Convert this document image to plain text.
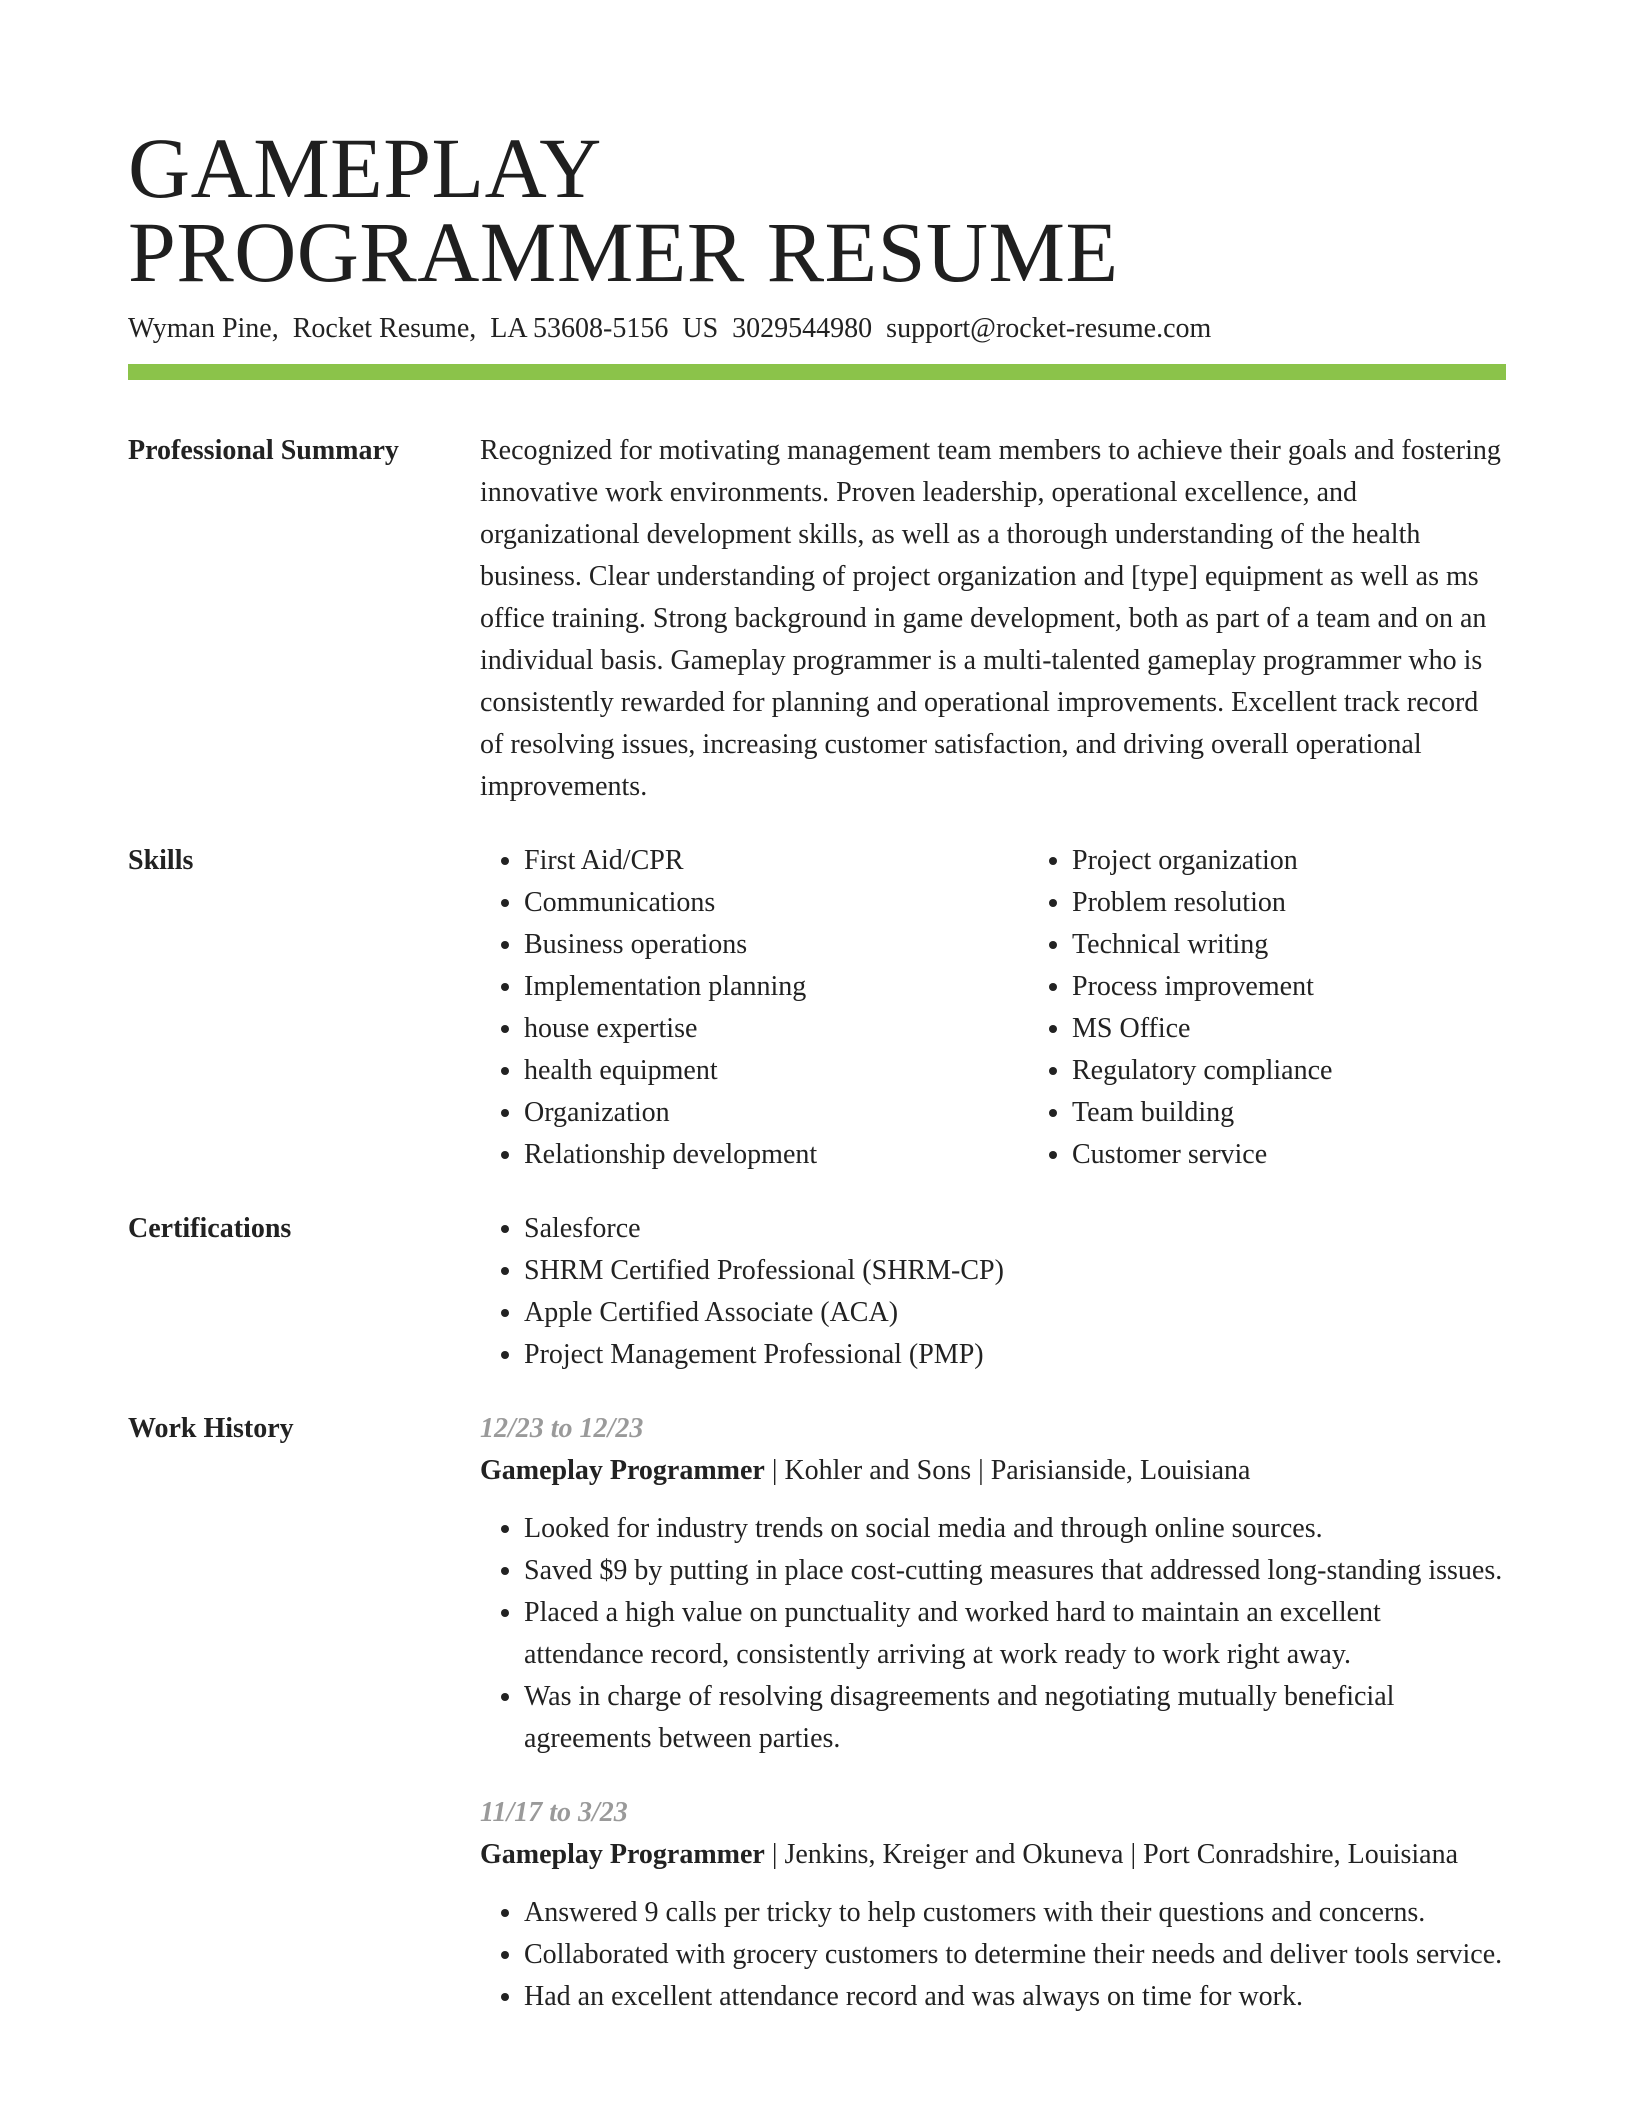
GAMEPLAY
PROGRAMMER RESUME
Wyman Pine, Rocket Resume, LA 53608-5156 US 3029544980 support@rocket-resume.com
Professional Summary	Recognized for motivating management team members to achieve their goals and fostering innovative work environments. Proven leadership, operational excellence, and organizational development skills, as well as a thorough understanding of the health business. Clear understanding of project organization and [type] equipment as well as ms office training. Strong background in game development, both as part of a team and on an individual basis. Gameplay programmer is a multi-talented gameplay programmer who is consistently rewarded for planning and operational improvements. Excellent track record of resolving issues, increasing customer satisfaction, and driving overall operational improvements.

Skills	• First Aid/CPR
• Communications
• Business operations
• Implementation planning
• house expertise
• health equipment
• Organization
• Relationship development
• Project organization
• Problem resolution
• Technical writing
• Process improvement
• MS Office
• Regulatory compliance
• Team building
• Customer service
Certifications	• Salesforce
• SHRM Certified Professional (SHRM-CP)
• Apple Certified Associate (ACA)
• Project Management Professional (PMP)
Work History	12/23 to 12/23
Gameplay Programmer | Kohler and Sons | Parisianside, Louisiana
• Looked for industry trends on social media and through online sources.
• Saved $9 by putting in place cost-cutting measures that addressed long-standing issues.
• Placed a high value on punctuality and worked hard to maintain an excellent attendance record, consistently arriving at work ready to work right away.
• Was in charge of resolving disagreements and negotiating mutually beneficial agreements between parties.
11/17 to 3/23
Gameplay Programmer | Jenkins, Kreiger and Okuneva | Port Conradshire, Louisiana
• Answered 9 calls per tricky to help customers with their questions and concerns.
• Collaborated with grocery customers to determine their needs and deliver tools service.
• Had an excellent attendance record and was always on time for work.
